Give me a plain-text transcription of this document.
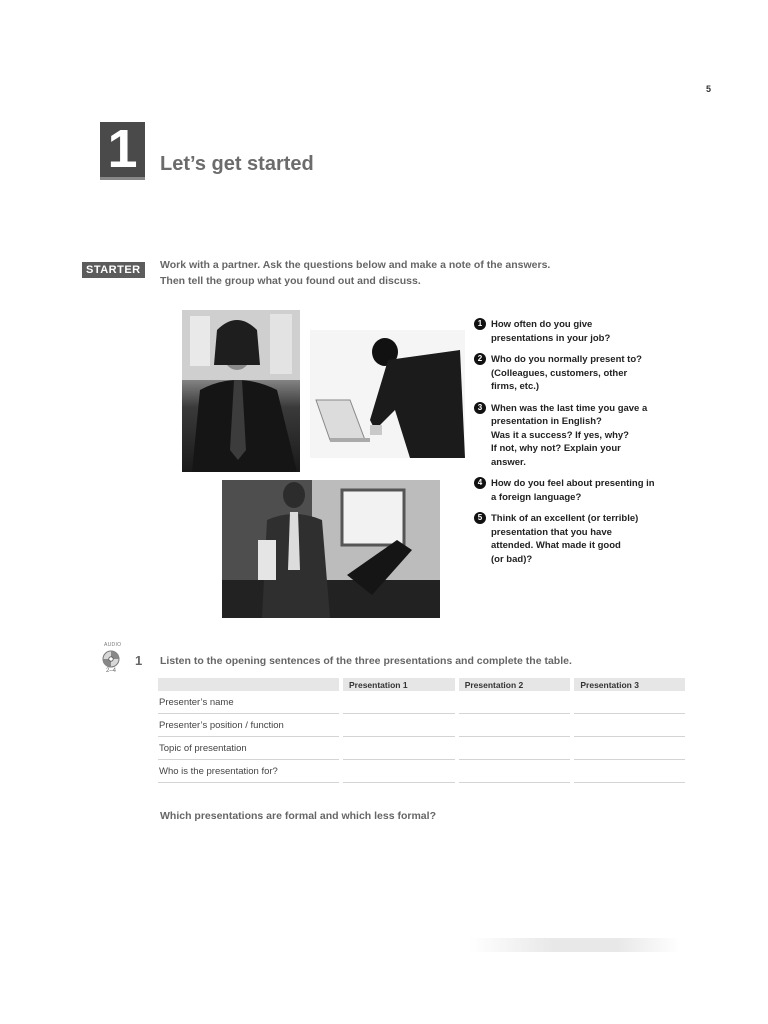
5
1	Let’s get started
STARTER	Work with a partner. Ask the questions below and make a note of the answers.
Then tell the group what you found out and discuss.
1 How often do you give
presentations in your job?
2 Who do you normally present to?
(Colleagues, customers, other
firms, etc.)
3 When was the last time you gave a
presentation in English?
Was it a success? If yes, why?
If not, why not? Explain your
answer.
4 How do you feel about presenting in
a foreign language?
5 Think of an excellent (or terrible)
presentation that you have
attended. What made it good
(or bad)?
AUDIO
2–4
1 Listen to the opening sentences of the three presentations and complete the table.
	Presentation 1	Presentation 2	Presentation 3
Presenter’s name			
Presenter’s position / function			
Topic of presentation			
Who is the presentation for?			
Which presentations are formal and which less formal?
